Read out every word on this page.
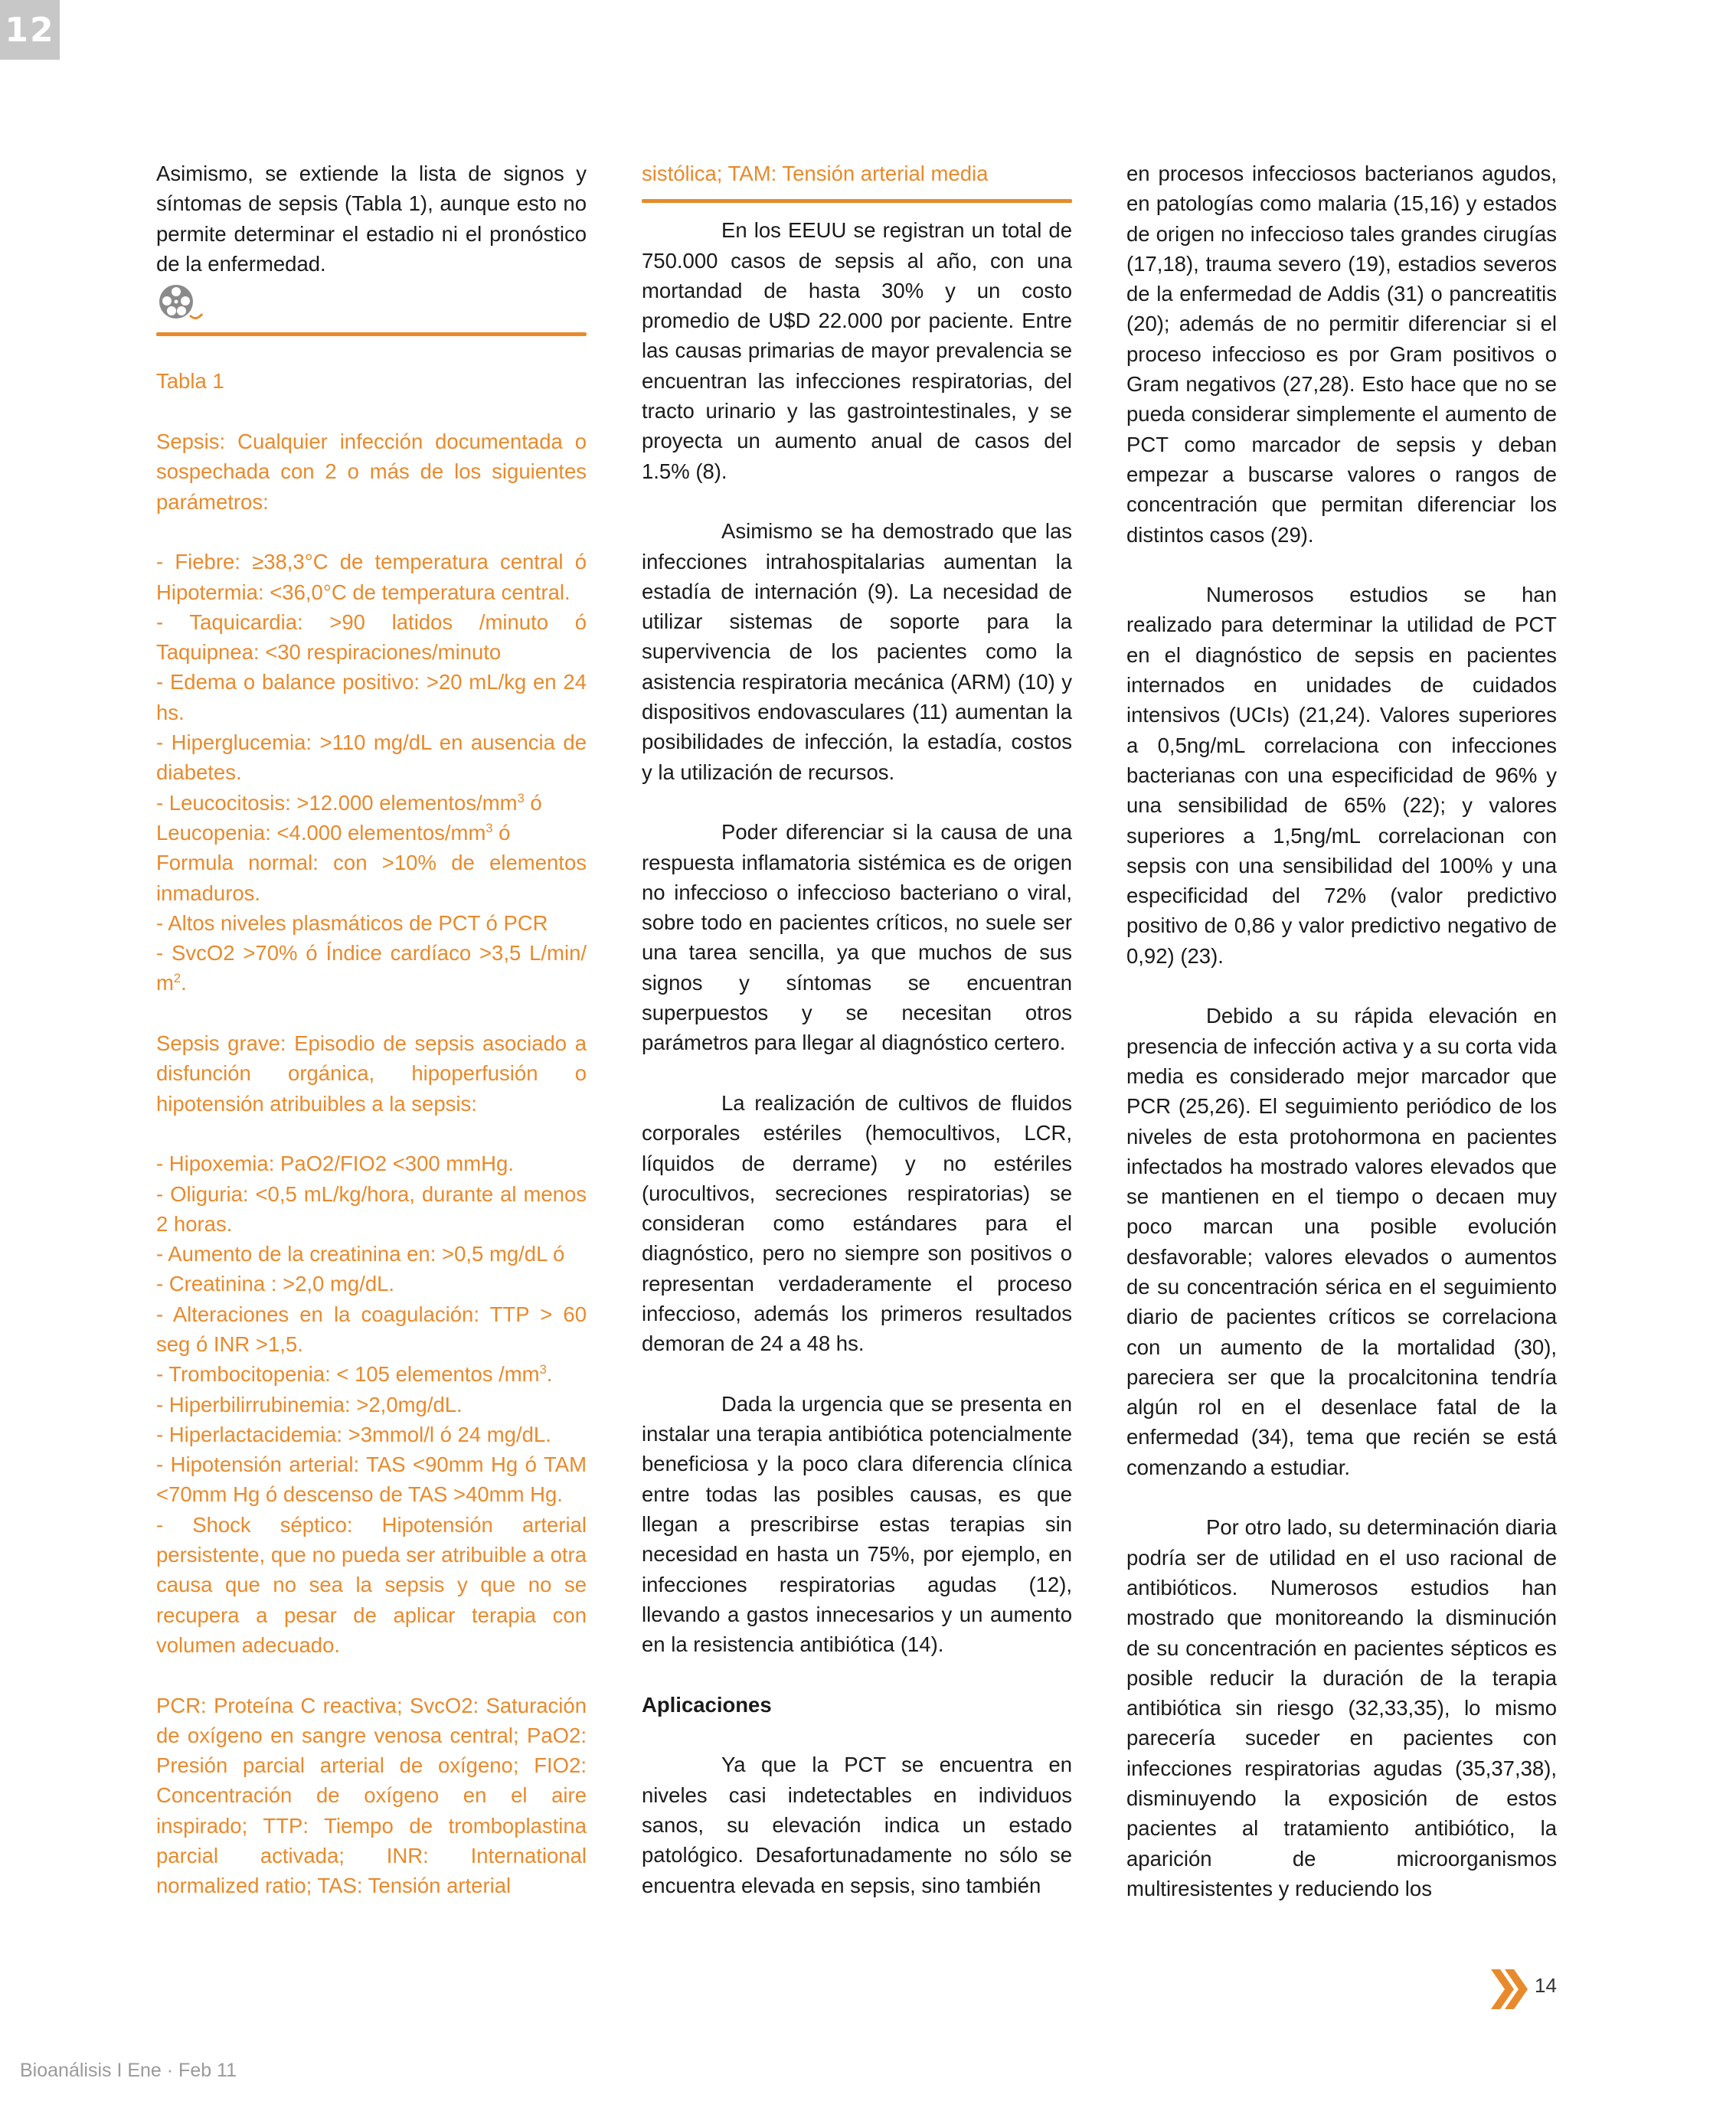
12

Asimismo, se extiende la lista de signos y síntomas de sepsis (Tabla 1), aunque esto no permite determinar el estadio ni el pronóstico de la enfermedad.

Tabla 1

Sepsis: Cualquier infección documentada o sospechada con 2 o más de los siguientes parámetros:

- Fiebre: ≥38,3°C de temperatura central ó Hipotermia: <36,0°C de temperatura central.

- Taquicardia: >90 latidos /minuto ó Taquipnea: <30 respiraciones/minuto

- Edema o balance positivo: >20 mL/kg en 24 hs.

- Hiperglucemia: >110 mg/dL en ausencia de diabetes.

- Leucocitosis: >12.000 elementos/$mm^3$ ó

Leucopenia: <4.000 elementos/$mm^3$ ó

Formula normal: con >10% de elementos inmaduros.

- Altos niveles plasmáticos de PCT ó PCR

- SvcO2 >70% ó Índice cardíaco >3,5 L/min/ $m^2$.

Sepsis grave: Episodio de sepsis asociado a disfunción orgánica, hipoperfusión o hipotensión atribuibles a la sepsis:

- Hipoxemia: PaO2/FIO2 <300 mmHg.

- Oliguria: <0,5 mL/kg/hora, durante al menos 2 horas.

- Aumento de la creatinina en: >0,5 mg/dL ó

- Creatinina : >2,0 mg/dL.

- Alteraciones en la coagulación: TTP > 60 seg ó INR >1,5.

- Trombocitopenia: < 105 elementos $/mm^3$.

- Hiperbilirrubinemia: >2,0mg/dL.

- Hiperlactacidemia: >3mmol/l ó 24 mg/dL.

- Hipotensión arterial: TAS <90mm Hg ó TAM <70mm Hg ó descenso de TAS >40mm Hg.

- Shock séptico: Hipotensión arterial persistente, que no pueda ser atribuible a otra causa que no sea la sepsis y que no se recupera a pesar de aplicar terapia con volumen adecuado.

PCR: Proteína C reactiva; SvcO2: Saturación de oxígeno en sangre venosa central; PaO2: Presión parcial arterial de oxígeno; FIO2: Concentración de oxígeno en el aire inspirado; TTP: Tiempo de tromboplastina parcial activada; INR: International normalized ratio; TAS: Tensión arterial

sistólica; TAM: Tensión arterial media

En los EEUU se registran un total de 750.000 casos de sepsis al año, con una mortandad de hasta 30% y un costo promedio de U$D 22.000 por paciente. Entre las causas primarias de mayor prevalencia se encuentran las infecciones respiratorias, del tracto urinario y las gastrointestinales, y se proyecta un aumento anual de casos del 1.5% (8).

Asimismo se ha demostrado que las infecciones intrahospitalarias aumentan la estadía de internación (9). La necesidad de utilizar sistemas de soporte para la supervivencia de los pacientes como la asistencia respiratoria mecánica (ARM) (10) y dispositivos endovasculares (11) aumentan la posibilidades de infección, la estadía, costos y la utilización de recursos.

Poder diferenciar si la causa de una respuesta inflamatoria sistémica es de origen no infeccioso o infeccioso bacteriano o viral, sobre todo en pacientes críticos, no suele ser una tarea sencilla, ya que muchos de sus signos y síntomas se encuentran superpuestos y se necesitan otros parámetros para llegar al diagnóstico certero.

La realización de cultivos de fluidos corporales estériles (hemocultivos, LCR, líquidos de derrame) y no estériles (urocultivos, secreciones respiratorias) se consideran como estándares para el diagnóstico, pero no siempre son positivos o representan verdaderamente el proceso infeccioso, además los primeros resultados demoran de 24 a 48 hs.

Dada la urgencia que se presenta en instalar una terapia antibiótica potencialmente beneficiosa y la poco clara diferencia clínica entre todas las posibles causas, es que llegan a prescribirse estas terapias sin necesidad en hasta un 75%, por ejemplo, en infecciones respiratorias agudas (12), llevando a gastos innecesarios y un aumento en la resistencia antibiótica (14).

Aplicaciones

Ya que la PCT se encuentra en niveles casi indetectables en individuos sanos, su elevación indica un estado patológico. Desafortunadamente no sólo se encuentra elevada en sepsis, sino también

en procesos infecciosos bacterianos agudos, en patologías como malaria (15,16) y estados de origen no infeccioso tales grandes cirugías (17,18), trauma severo (19), estadios severos de la enfermedad de Addis (31) o pancreatitis (20); además de no permitir diferenciar si el proceso infeccioso es por Gram positivos o Gram negativos (27,28). Esto hace que no se pueda considerar simplemente el aumento de PCT como marcador de sepsis y deban empezar a buscarse valores o rangos de concentración que permitan diferenciar los distintos casos (29).

Numerosos estudios se han realizado para determinar la utilidad de PCT en el diagnóstico de sepsis en pacientes internados en unidades de cuidados intensivos (UCIs) (21,24). Valores superiores a 0,5ng/mL correlaciona con infecciones bacterianas con una especificidad de 96% y una sensibilidad de 65% (22); y valores superiores a 1,5ng/mL correlacionan con sepsis con una sensibilidad del 100% y una especificidad del 72% (valor predictivo positivo de 0,86 y valor predictivo negativo de 0,92) (23).

Debido a su rápida elevación en presencia de infección activa y a su corta vida media es considerado mejor marcador que PCR (25,26). El seguimiento periódico de los niveles de esta protohormona en pacientes infectados ha mostrado valores elevados que se mantienen en el tiempo o decaen muy poco marcan una posible evolución desfavorable; valores elevados o aumentos de su concentración sérica en el seguimiento diario de pacientes críticos se correlaciona con un aumento de la mortalidad (30), pareciera ser que la procalcitonina tendría algún rol en el desenlace fatal de la enfermedad (34), tema que recién se está comenzando a estudiar.

Por otro lado, su determinación diaria podría ser de utilidad en el uso racional de antibióticos. Numerosos estudios han mostrado que monitoreando la disminución de su concentración en pacientes sépticos es posible reducir la duración de la terapia antibiótica sin riesgo (32,33,35), lo mismo parecería suceder en pacientes con infecciones respiratorias agudas (35,37,38), disminuyendo la exposición de estos pacientes al tratamiento antibiótico, la aparición de microorganismos multiresistentes y reduciendo los

14
Bioanálisis I Ene · Feb 11
